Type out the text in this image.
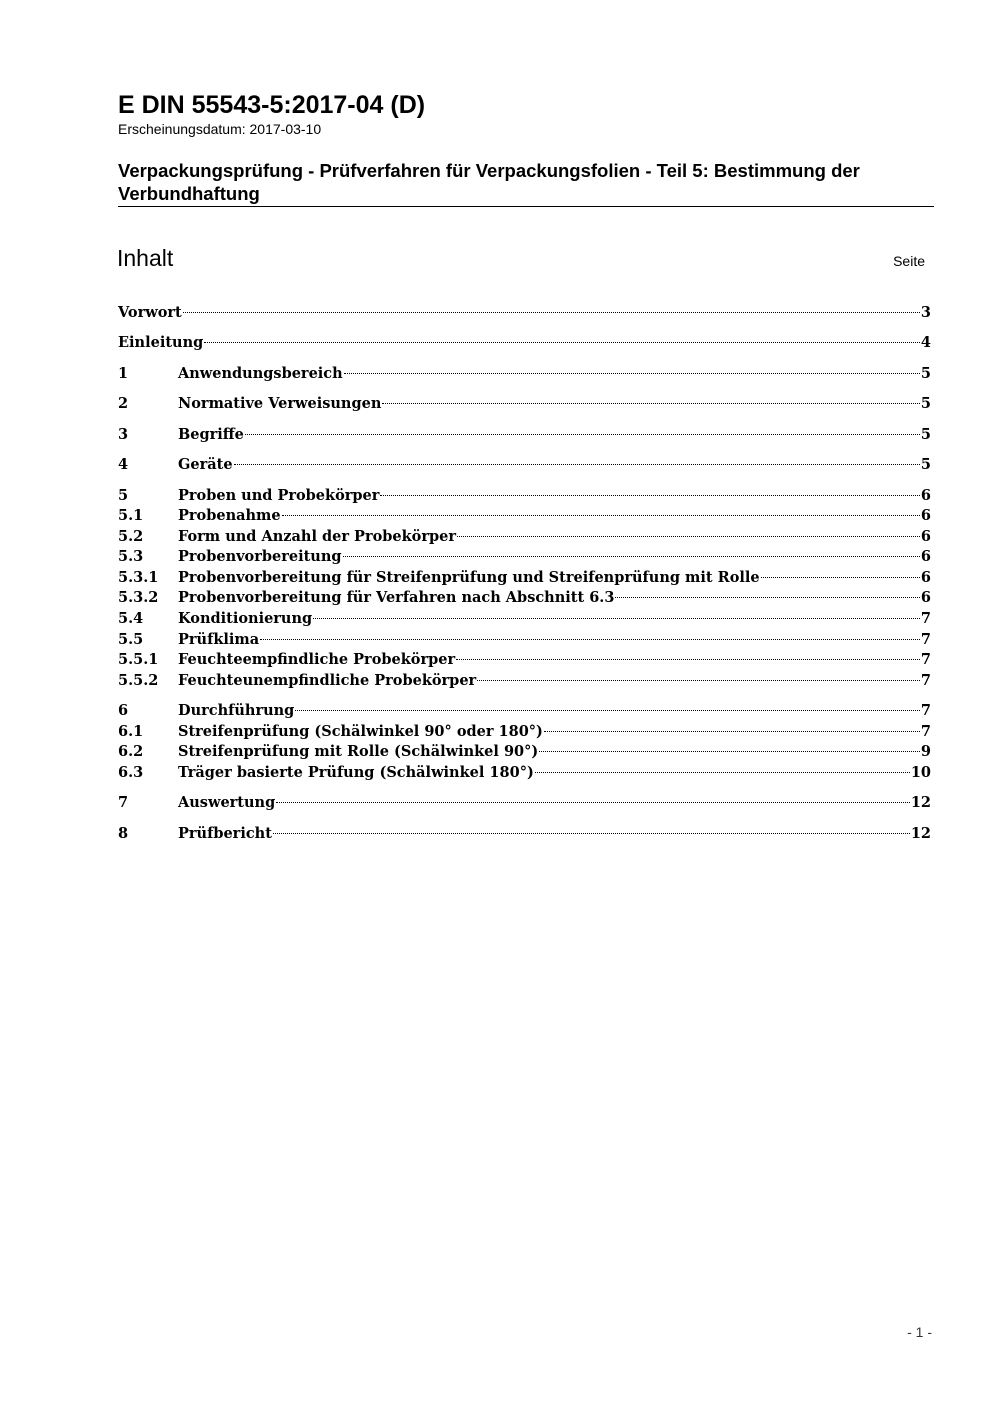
E DIN 55543-5:2017-04 (D)
Erscheinungsdatum: 2017-03-10
Verpackungsprüfung - Prüfverfahren für Verpackungsfolien - Teil 5: Bestimmung der Verbundhaftung
Inhalt	Seite
Vorwort	3
Einleitung	4
1	Anwendungsbereich	5
2	Normative Verweisungen	5
3	Begriffe	5
4	Geräte	5
5	Proben und Probekörper	6
5.1	Probenahme	6
5.2	Form und Anzahl der Probekörper	6
5.3	Probenvorbereitung	6
5.3.1	Probenvorbereitung für Streifenprüfung und Streifenprüfung mit Rolle	6
5.3.2	Probenvorbereitung für Verfahren nach Abschnitt 6.3	6
5.4	Konditionierung	7
5.5	Prüfklima	7
5.5.1	Feuchteempfindliche Probekörper	7
5.5.2	Feuchteunempfindliche Probekörper	7
6	Durchführung	7
6.1	Streifenprüfung (Schälwinkel 90° oder 180°)	7
6.2	Streifenprüfung mit Rolle (Schälwinkel 90°)	9
6.3	Träger basierte Prüfung (Schälwinkel 180°)	10
7	Auswertung	12
8	Prüfbericht	12
- 1 -
